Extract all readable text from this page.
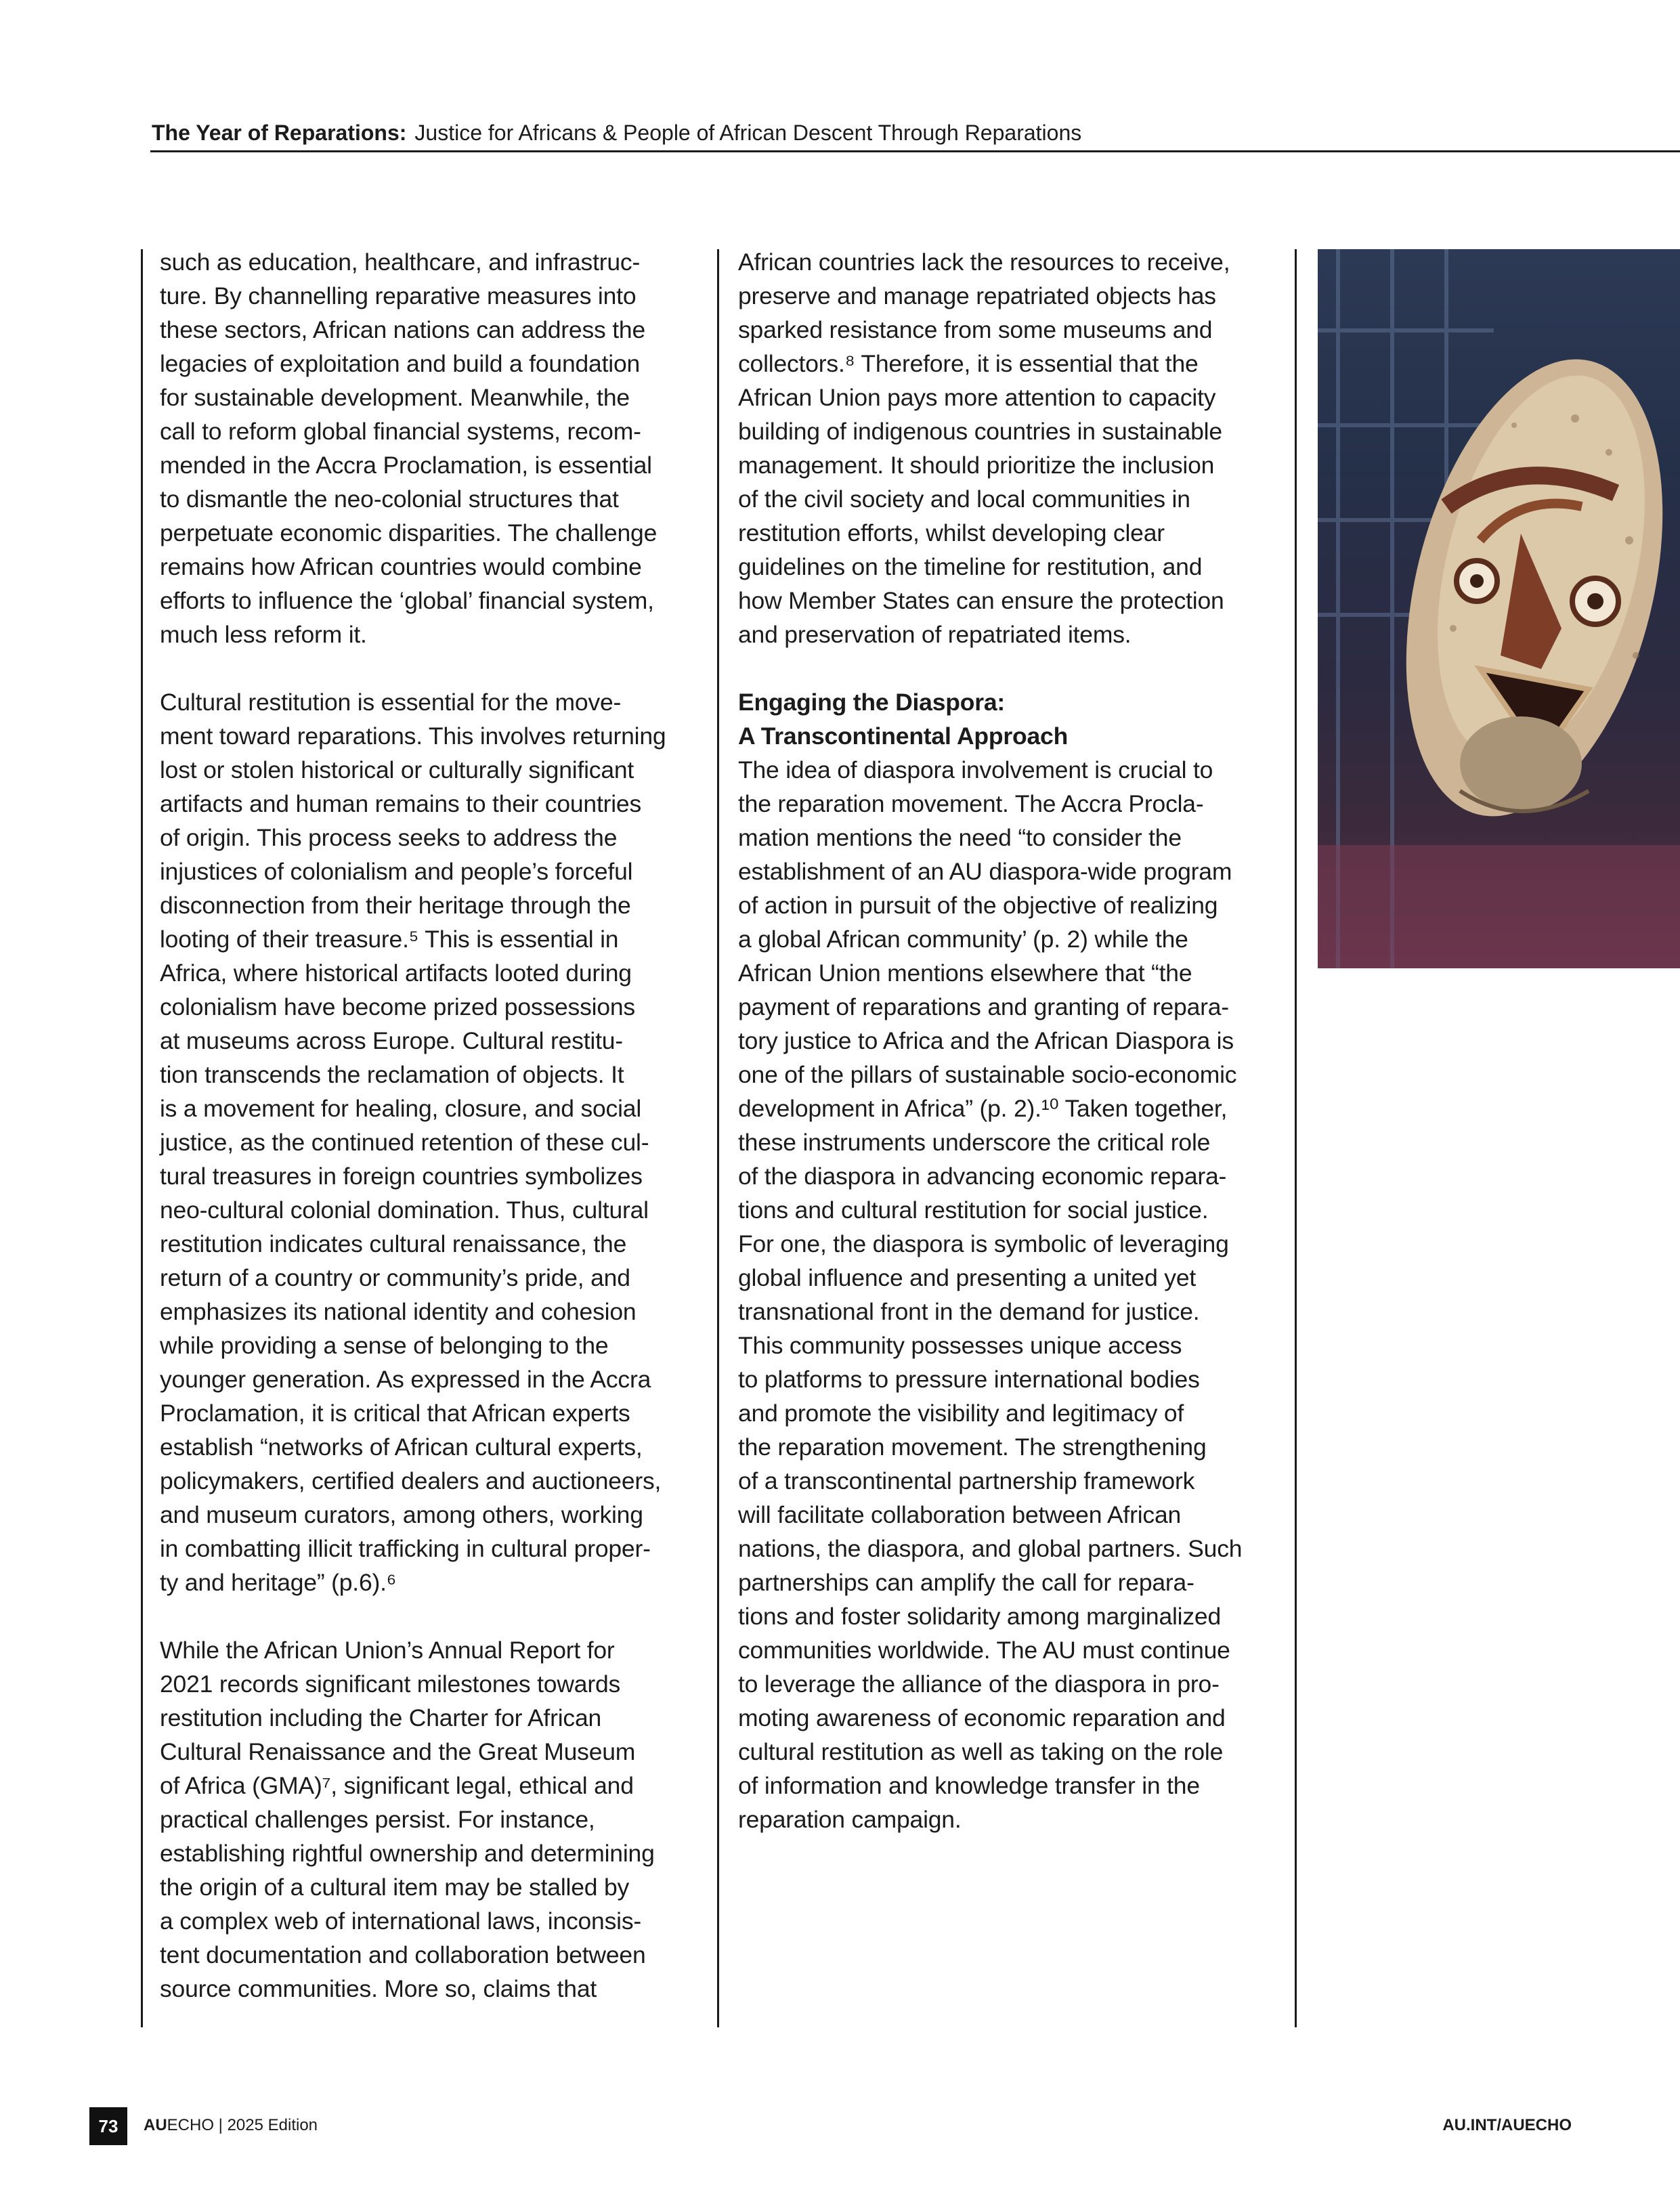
The Year of Reparations: Justice for Africans & People of African Descent Through Reparations

such as education, healthcare, and infrastruc-
ture. By channelling reparative measures into
these sectors, African nations can address the
legacies of exploitation and build a foundation
for sustainable development. Meanwhile, the
call to reform global financial systems, recom-
mended in the Accra Proclamation, is essential
to dismantle the neo-colonial structures that
perpetuate economic disparities. The challenge
remains how African countries would combine
efforts to influence the ‘global’ financial system,
much less reform it.

Cultural restitution is essential for the move-
ment toward reparations. This involves returning
lost or stolen historical or culturally significant
artifacts and human remains to their countries
of origin. This process seeks to address the
injustices of colonialism and people’s forceful
disconnection from their heritage through the
looting of their treasure.⁵ This is essential in
Africa, where historical artifacts looted during
colonialism have become prized possessions
at museums across Europe. Cultural restitu-
tion transcends the reclamation of objects. It
is a movement for healing, closure, and social
justice, as the continued retention of these cul-
tural treasures in foreign countries symbolizes
neo-cultural colonial domination. Thus, cultural
restitution indicates cultural renaissance, the
return of a country or community’s pride, and
emphasizes its national identity and cohesion
while providing a sense of belonging to the
younger generation. As expressed in the Accra
Proclamation, it is critical that African experts
establish “networks of African cultural experts,
policymakers, certified dealers and auctioneers,
and museum curators, among others, working
in combatting illicit trafficking in cultural proper-
ty and heritage” (p.6).⁶

While the African Union’s Annual Report for
2021 records significant milestones towards
restitution including the Charter for African
Cultural Renaissance and the Great Museum
of Africa (GMA)⁷, significant legal, ethical and
practical challenges persist. For instance,
establishing rightful ownership and determining
the origin of a cultural item may be stalled by
a complex web of international laws, inconsis-
tent documentation and collaboration between
source communities. More so, claims that

African countries lack the resources to receive,
preserve and manage repatriated objects has
sparked resistance from some museums and
collectors.⁸ Therefore, it is essential that the
African Union pays more attention to capacity
building of indigenous countries in sustainable
management. It should prioritize the inclusion
of the civil society and local communities in
restitution efforts, whilst developing clear
guidelines on the timeline for restitution, and
how Member States can ensure the protection
and preservation of repatriated items.

Engaging the Diaspora:
A Transcontinental Approach

The idea of diaspora involvement is crucial to
the reparation movement. The Accra Procla-
mation mentions the need “to consider the
establishment of an AU diaspora-wide program
of action in pursuit of the objective of realizing
a global African community’ (p. 2) while the
African Union mentions elsewhere that “the
payment of reparations and granting of repara-
tory justice to Africa and the African Diaspora is
one of the pillars of sustainable socio-economic
development in Africa” (p. 2).¹⁰ Taken together,
these instruments underscore the critical role
of the diaspora in advancing economic repara-
tions and cultural restitution for social justice.
For one, the diaspora is symbolic of leveraging
global influence and presenting a united yet
transnational front in the demand for justice.
This community possesses unique access
to platforms to pressure international bodies
and promote the visibility and legitimacy of
the reparation movement. The strengthening
of a transcontinental partnership framework
will facilitate collaboration between African
nations, the diaspora, and global partners. Such
partnerships can amplify the call for repara-
tions and foster solidarity among marginalized
communities worldwide. The AU must continue
to leverage the alliance of the diaspora in pro-
moting awareness of economic reparation and
cultural restitution as well as taking on the role
of information and knowledge transfer in the
reparation campaign.

73	AUECHO | 2025 Edition	AU.INT/AUECHO
